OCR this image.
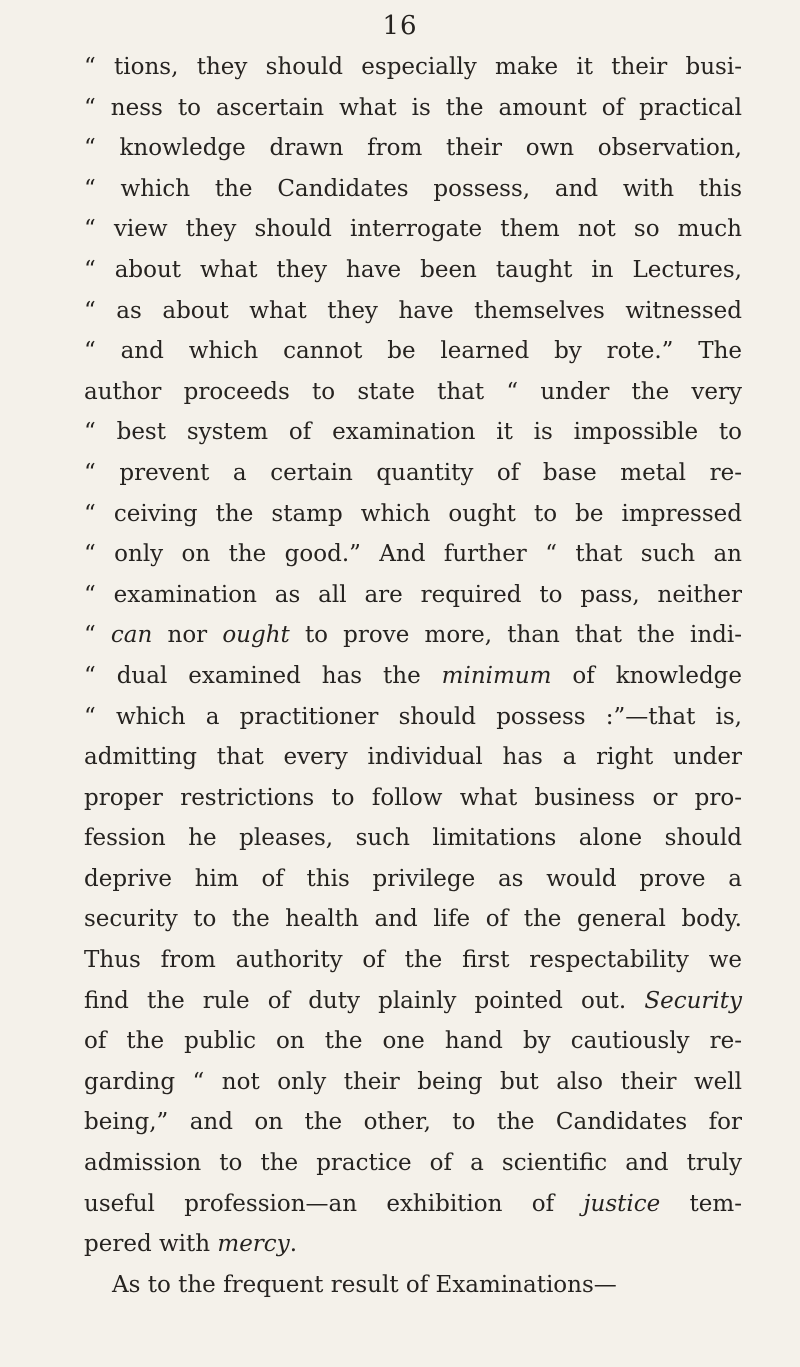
16
“ tions, they should especially make it their busi-
“ ness to ascertain what is the amount of practical
“ knowledge drawn from their own observation,
“ which the Candidates possess, and with this
“ view they should interrogate them not so much
“ about what they have been taught in Lectures,
“ as about what they have themselves witnessed
“ and which cannot be learned by rote.” The
author proceeds to state that “ under the very
“ best system of examination it is impossible to
“ prevent a certain quantity of base metal re-
“ ceiving the stamp which ought to be impressed
“ only on the good.” And further “ that such an
“ examination as all are required to pass, neither
“ can nor ought to prove more, than that the indi-
“ dual examined has the minimum of knowledge
“ which a practitioner should possess :”—that is,
admitting that every individual has a right under
proper restrictions to follow what business or pro-
fession he pleases, such limitations alone should
deprive him of this privilege as would prove a
security to the health and life of the general body.
Thus from authority of the first respectability we
find the rule of duty plainly pointed out. Security
of the public on the one hand by cautiously re-
garding “ not only their being but also their well
being,” and on the other, to the Candidates for
admission to the practice of a scientific and truly
useful profession—an exhibition of justice tem-
pered with mercy.
As to the frequent result of Examinations—
